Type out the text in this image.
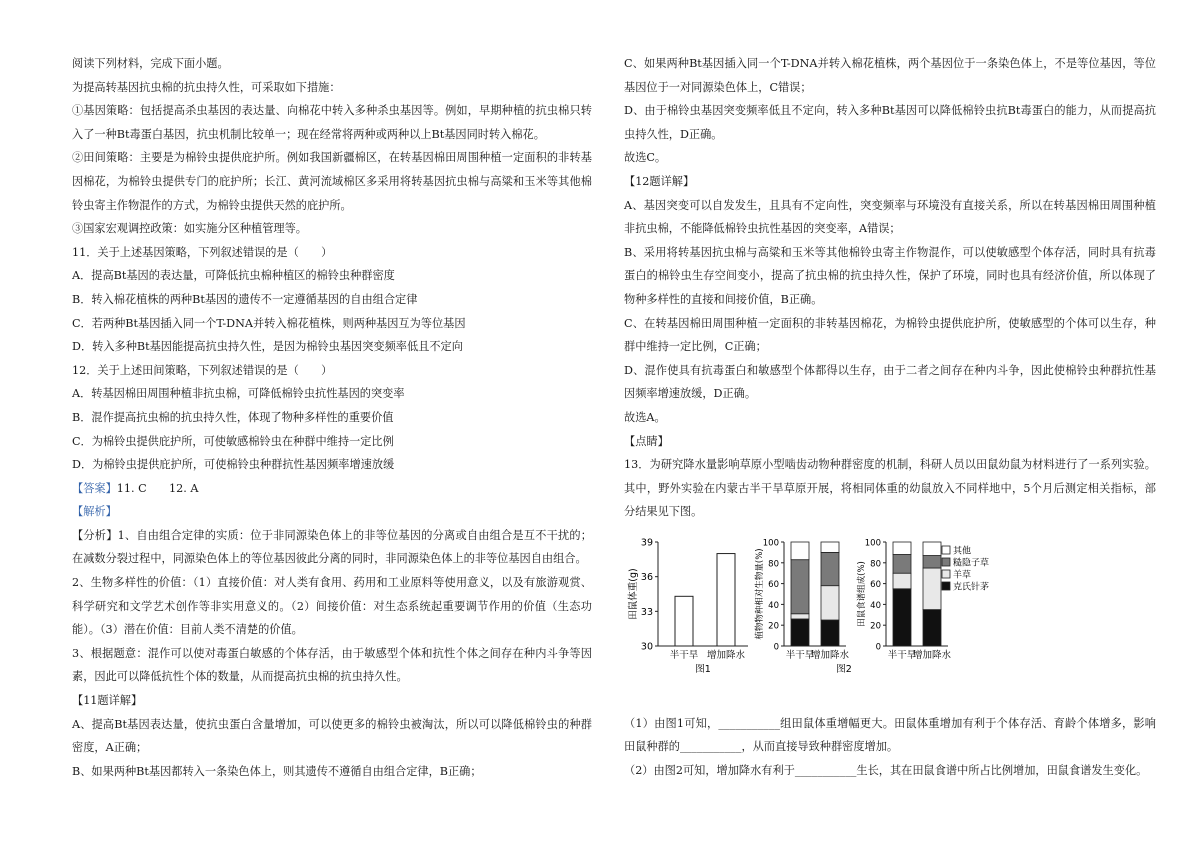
阅读下列材料，完成下面小题。
为提高转基因抗虫棉的抗虫持久性，可采取如下措施：
①基因策略：包括提高杀虫基因的表达量、向棉花中转入多种杀虫基因等。例如，早期种植的抗虫棉只转入了一种Bt毒蛋白基因，抗虫机制比较单一；现在经常将两种或两种以上Bt基因同时转入棉花。
②田间策略：主要是为棉铃虫提供庇护所。例如我国新疆棉区，在转基因棉田周围种植一定面积的非转基因棉花，为棉铃虫提供专门的庇护所；长江、黄河流域棉区多采用将转基因抗虫棉与高粱和玉米等其他棉铃虫寄主作物混作的方式，为棉铃虫提供天然的庇护所。
③国家宏观调控政策：如实施分区种植管理等。
11．关于上述基因策略，下列叙述错误的是（　　）
A．提高Bt基因的表达量，可降低抗虫棉种植区的棉铃虫种群密度
B．转入棉花植株的两种Bt基因的遗传不一定遵循基因的自由组合定律
C．若两种Bt基因插入同一个T-DNA并转入棉花植株，则两种基因互为等位基因
D．转入多种Bt基因能提高抗虫持久性，是因为棉铃虫基因突变频率低且不定向
12．关于上述田间策略，下列叙述错误的是（　　）
A．转基因棉田周围种植非抗虫棉，可降低棉铃虫抗性基因的突变率
B．混作提高抗虫棉的抗虫持久性，体现了物种多样性的重要价值
C．为棉铃虫提供庇护所，可使敏感棉铃虫在种群中维持一定比例
D．为棉铃虫提供庇护所，可使棉铃虫种群抗性基因频率增速放缓
【答案】11. C　　12. A
【解析】
【分析】1、自由组合定律的实质：位于非同源染色体上的非等位基因的分离或自由组合是互不干扰的；在减数分裂过程中，同源染色体上的等位基因彼此分离的同时，非同源染色体上的非等位基因自由组合。
2、生物多样性的价值：（1）直接价值：对人类有食用、药用和工业原料等使用意义，以及有旅游观赏、科学研究和文学艺术创作等非实用意义的。（2）间接价值：对生态系统起重要调节作用的价值（生态功能）。（3）潜在价值：目前人类不清楚的价值。
3、根据题意：混作可以使对毒蛋白敏感的个体存活，由于敏感型个体和抗性个体之间存在种内斗争等因素，因此可以降低抗性个体的数量，从而提高抗虫棉的抗虫持久性。
【11题详解】
A、提高Bt基因表达量，使抗虫蛋白含量增加，可以使更多的棉铃虫被淘汰，所以可以降低棉铃虫的种群密度，A正确；
B、如果两种Bt基因都转入一条染色体上，则其遗传不遵循自由组合定律，B正确；
C、如果两种Bt基因插入同一个T-DNA并转入棉花植株，两个基因位于一条染色体上，不是等位基因，等位基因位于一对同源染色体上，C错误；
D、由于棉铃虫基因突变频率低且不定向，转入多种Bt基因可以降低棉铃虫抗Bt毒蛋白的能力，从而提高抗虫持久性，D正确。
故选C。
【12题详解】
A、基因突变可以自发发生，且具有不定向性，突变频率与环境没有直接关系，所以在转基因棉田周围种植非抗虫棉，不能降低棉铃虫抗性基因的突变率，A错误；
B、采用将转基因抗虫棉与高粱和玉米等其他棉铃虫寄主作物混作，可以使敏感型个体存活，同时具有抗毒蛋白的棉铃虫生存空间变小，提高了抗虫棉的抗虫持久性，保护了环境，同时也具有经济价值，所以体现了物种多样性的直接和间接价值，B正确。
C、在转基因棉田周围种植一定面积的非转基因棉花，为棉铃虫提供庇护所，使敏感型的个体可以生存，种群中维持一定比例，C正确；
D、混作使具有抗毒蛋白和敏感型个体都得以生存，由于二者之间存在种内斗争，因此使棉铃虫种群抗性基因频率增速放缓，D正确。
故选A。
【点睛】
13．为研究降水量影响草原小型啮齿动物种群密度的机制，科研人员以田鼠幼鼠为材料进行了一系列实验。其中，野外实验在内蒙古半干旱草原开展，将相同体重的幼鼠放入不同样地中，5个月后测定相关指标，部分结果见下图。
30
33
36
39
半干旱 增加降水
田鼠体重(g)
图1
0
20
40
60
80
100
半干旱
增加降水
植物物种相对生物量(%)
0
20
40
60
80
100
半干旱
增加降水
田鼠食谱组成(%)
其他
糙隐子草
羊草
克氏针茅
图2
（1）由图1可知，___________组田鼠体重增幅更大。田鼠体重增加有利于个体存活、育龄个体增多，影响田鼠种群的___________，从而直接导致种群密度增加。
（2）由图2可知，增加降水有利于___________生长，其在田鼠食谱中所占比例增加，田鼠食谱发生变化。
